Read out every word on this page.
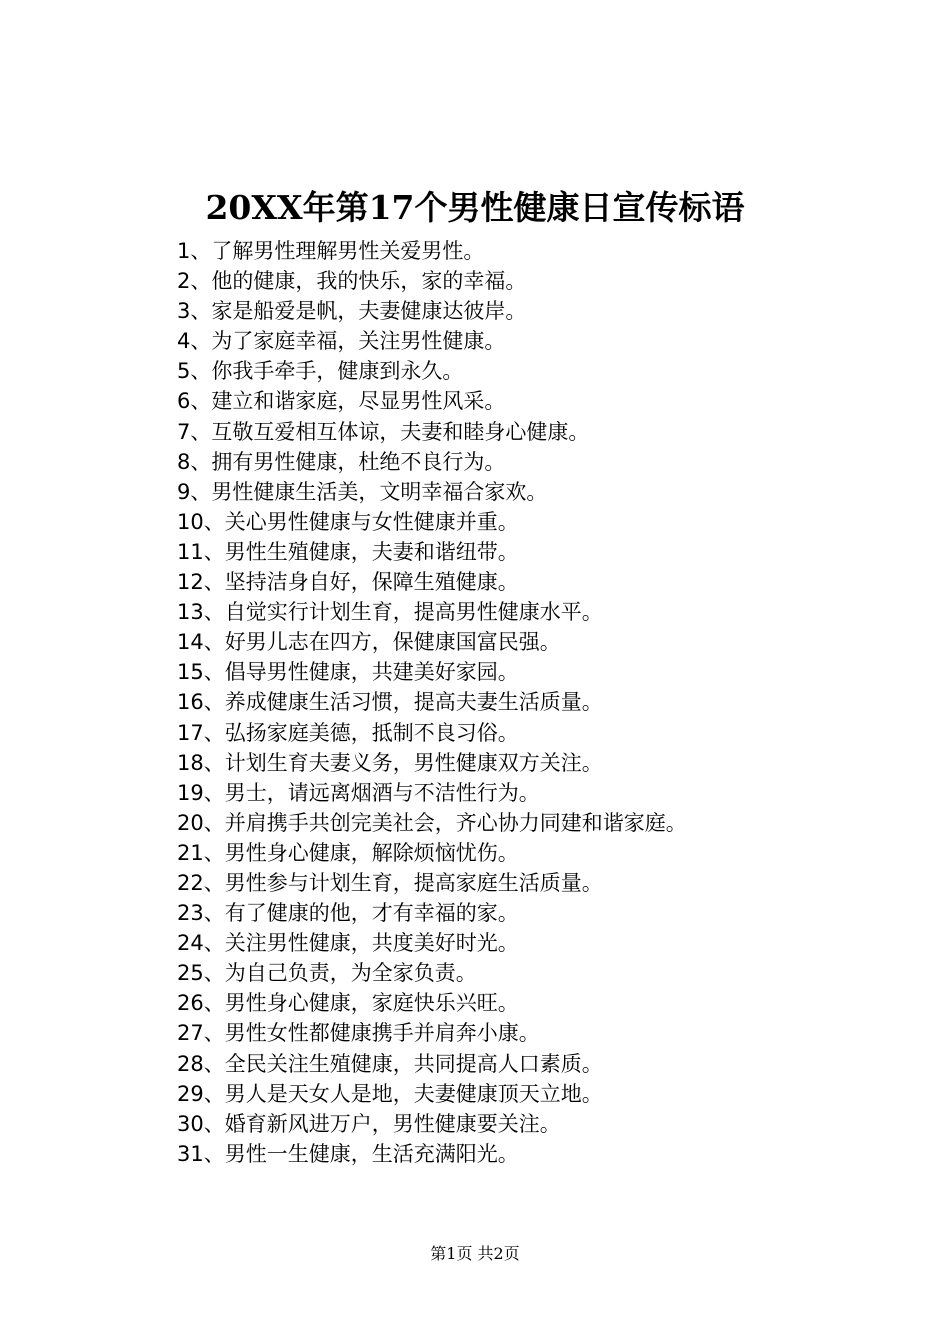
20XX年第17个男性健康日宣传标语
1、了解男性理解男性关爱男性。
2、他的健康，我的快乐，家的幸福。
3、家是船爱是帆，夫妻健康达彼岸。
4、为了家庭幸福，关注男性健康。
5、你我手牵手，健康到永久。
6、建立和谐家庭，尽显男性风采。
7、互敬互爱相互体谅，夫妻和睦身心健康。
8、拥有男性健康，杜绝不良行为。
9、男性健康生活美，文明幸福合家欢。
10、关心男性健康与女性健康并重。
11、男性生殖健康，夫妻和谐纽带。
12、坚持洁身自好，保障生殖健康。
13、自觉实行计划生育，提高男性健康水平。
14、好男儿志在四方，保健康国富民强。
15、倡导男性健康，共建美好家园。
16、养成健康生活习惯，提高夫妻生活质量。
17、弘扬家庭美德，抵制不良习俗。
18、计划生育夫妻义务，男性健康双方关注。
19、男士，请远离烟酒与不洁性行为。
20、并肩携手共创完美社会，齐心协力同建和谐家庭。
21、男性身心健康，解除烦恼忧伤。
22、男性参与计划生育，提高家庭生活质量。
23、有了健康的他，才有幸福的家。
24、关注男性健康，共度美好时光。
25、为自己负责，为全家负责。
26、男性身心健康，家庭快乐兴旺。
27、男性女性都健康携手并肩奔小康。
28、全民关注生殖健康，共同提高人口素质。
29、男人是天女人是地，夫妻健康顶天立地。
30、婚育新风进万户，男性健康要关注。
31、男性一生健康，生活充满阳光。
第1页 共2页
